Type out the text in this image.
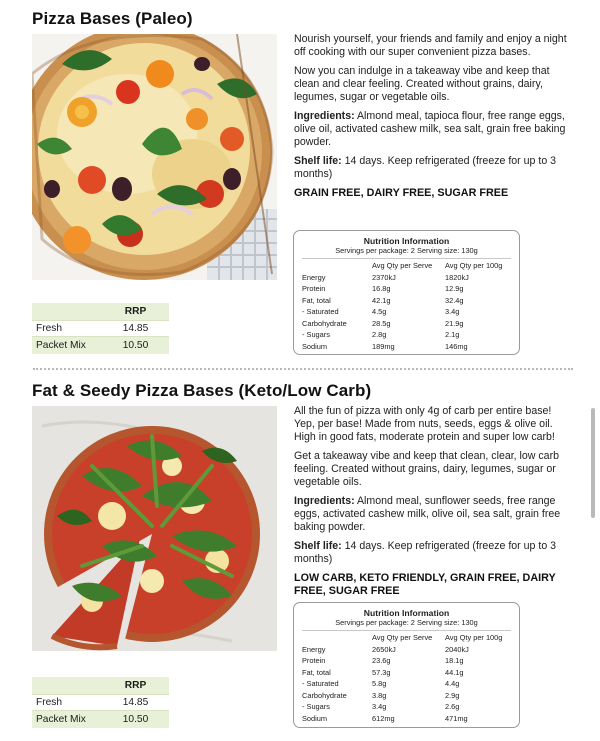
Pizza Bases (Paleo)

Nourish yourself, your friends and family and enjoy a night off cooking with our super convenient pizza bases.

Now you can indulge in a takeaway vibe and keep that clean and clear feeling. Created without grains, dairy, legumes, sugar or vegetable oils.

Ingredients: Almond meal, tapioca flour, free range eggs, olive oil, activated cashew milk, sea salt, grain free baking powder.

Shelf life: 14 days. Keep refrigerated (freeze for up to 3 months)

GRAIN FREE, DAIRY FREE, SUGAR FREE
Nutrition Information
Servings per package: 2 Serving size: 130g
	Avg Qty per Serve	Avg Qty per 100g
Energy	2370kJ	1820kJ
Protein	16.8g	12.9g
Fat, total	42.1g	32.4g
- Saturated	4.5g	3.4g
Carbohydrate	28.5g	21.9g
- Sugars	2.8g	2.1g
Sodium	189mg	146mg
RRP
Fresh	14.85
Packet Mix	10.50
Fat & Seedy Pizza Bases (Keto/Low Carb)

All the fun of pizza with only 4g of carb per entire base! Yep, per base! Made from nuts, seeds, eggs & olive oil. High in good fats, moderate protein and super low carb!

Get a takeaway vibe and keep that clean, clear, low carb feeling. Created without grains, dairy, legumes, sugar or vegetable oils.

Ingredients: Almond meal, sunflower seeds, free range eggs, activated cashew milk, olive oil, sea salt, grain free baking powder.

Shelf life: 14 days. Keep refrigerated (freeze for up to 3 months)

LOW CARB, KETO FRIENDLY, GRAIN FREE, DAIRY FREE, SUGAR FREE
Nutrition Information
Servings per package: 2 Serving size: 130g
	Avg Qty per Serve	Avg Qty per 100g
Energy	2650kJ	2040kJ
Protein	23.6g	18.1g
Fat, total	57.3g	44.1g
- Saturated	5.8g	4.4g
Carbohydrate	3.8g	2.9g
- Sugars	3.4g	2.6g
Sodium	612mg	471mg
RRP
Fresh	14.85
Packet Mix	10.50
